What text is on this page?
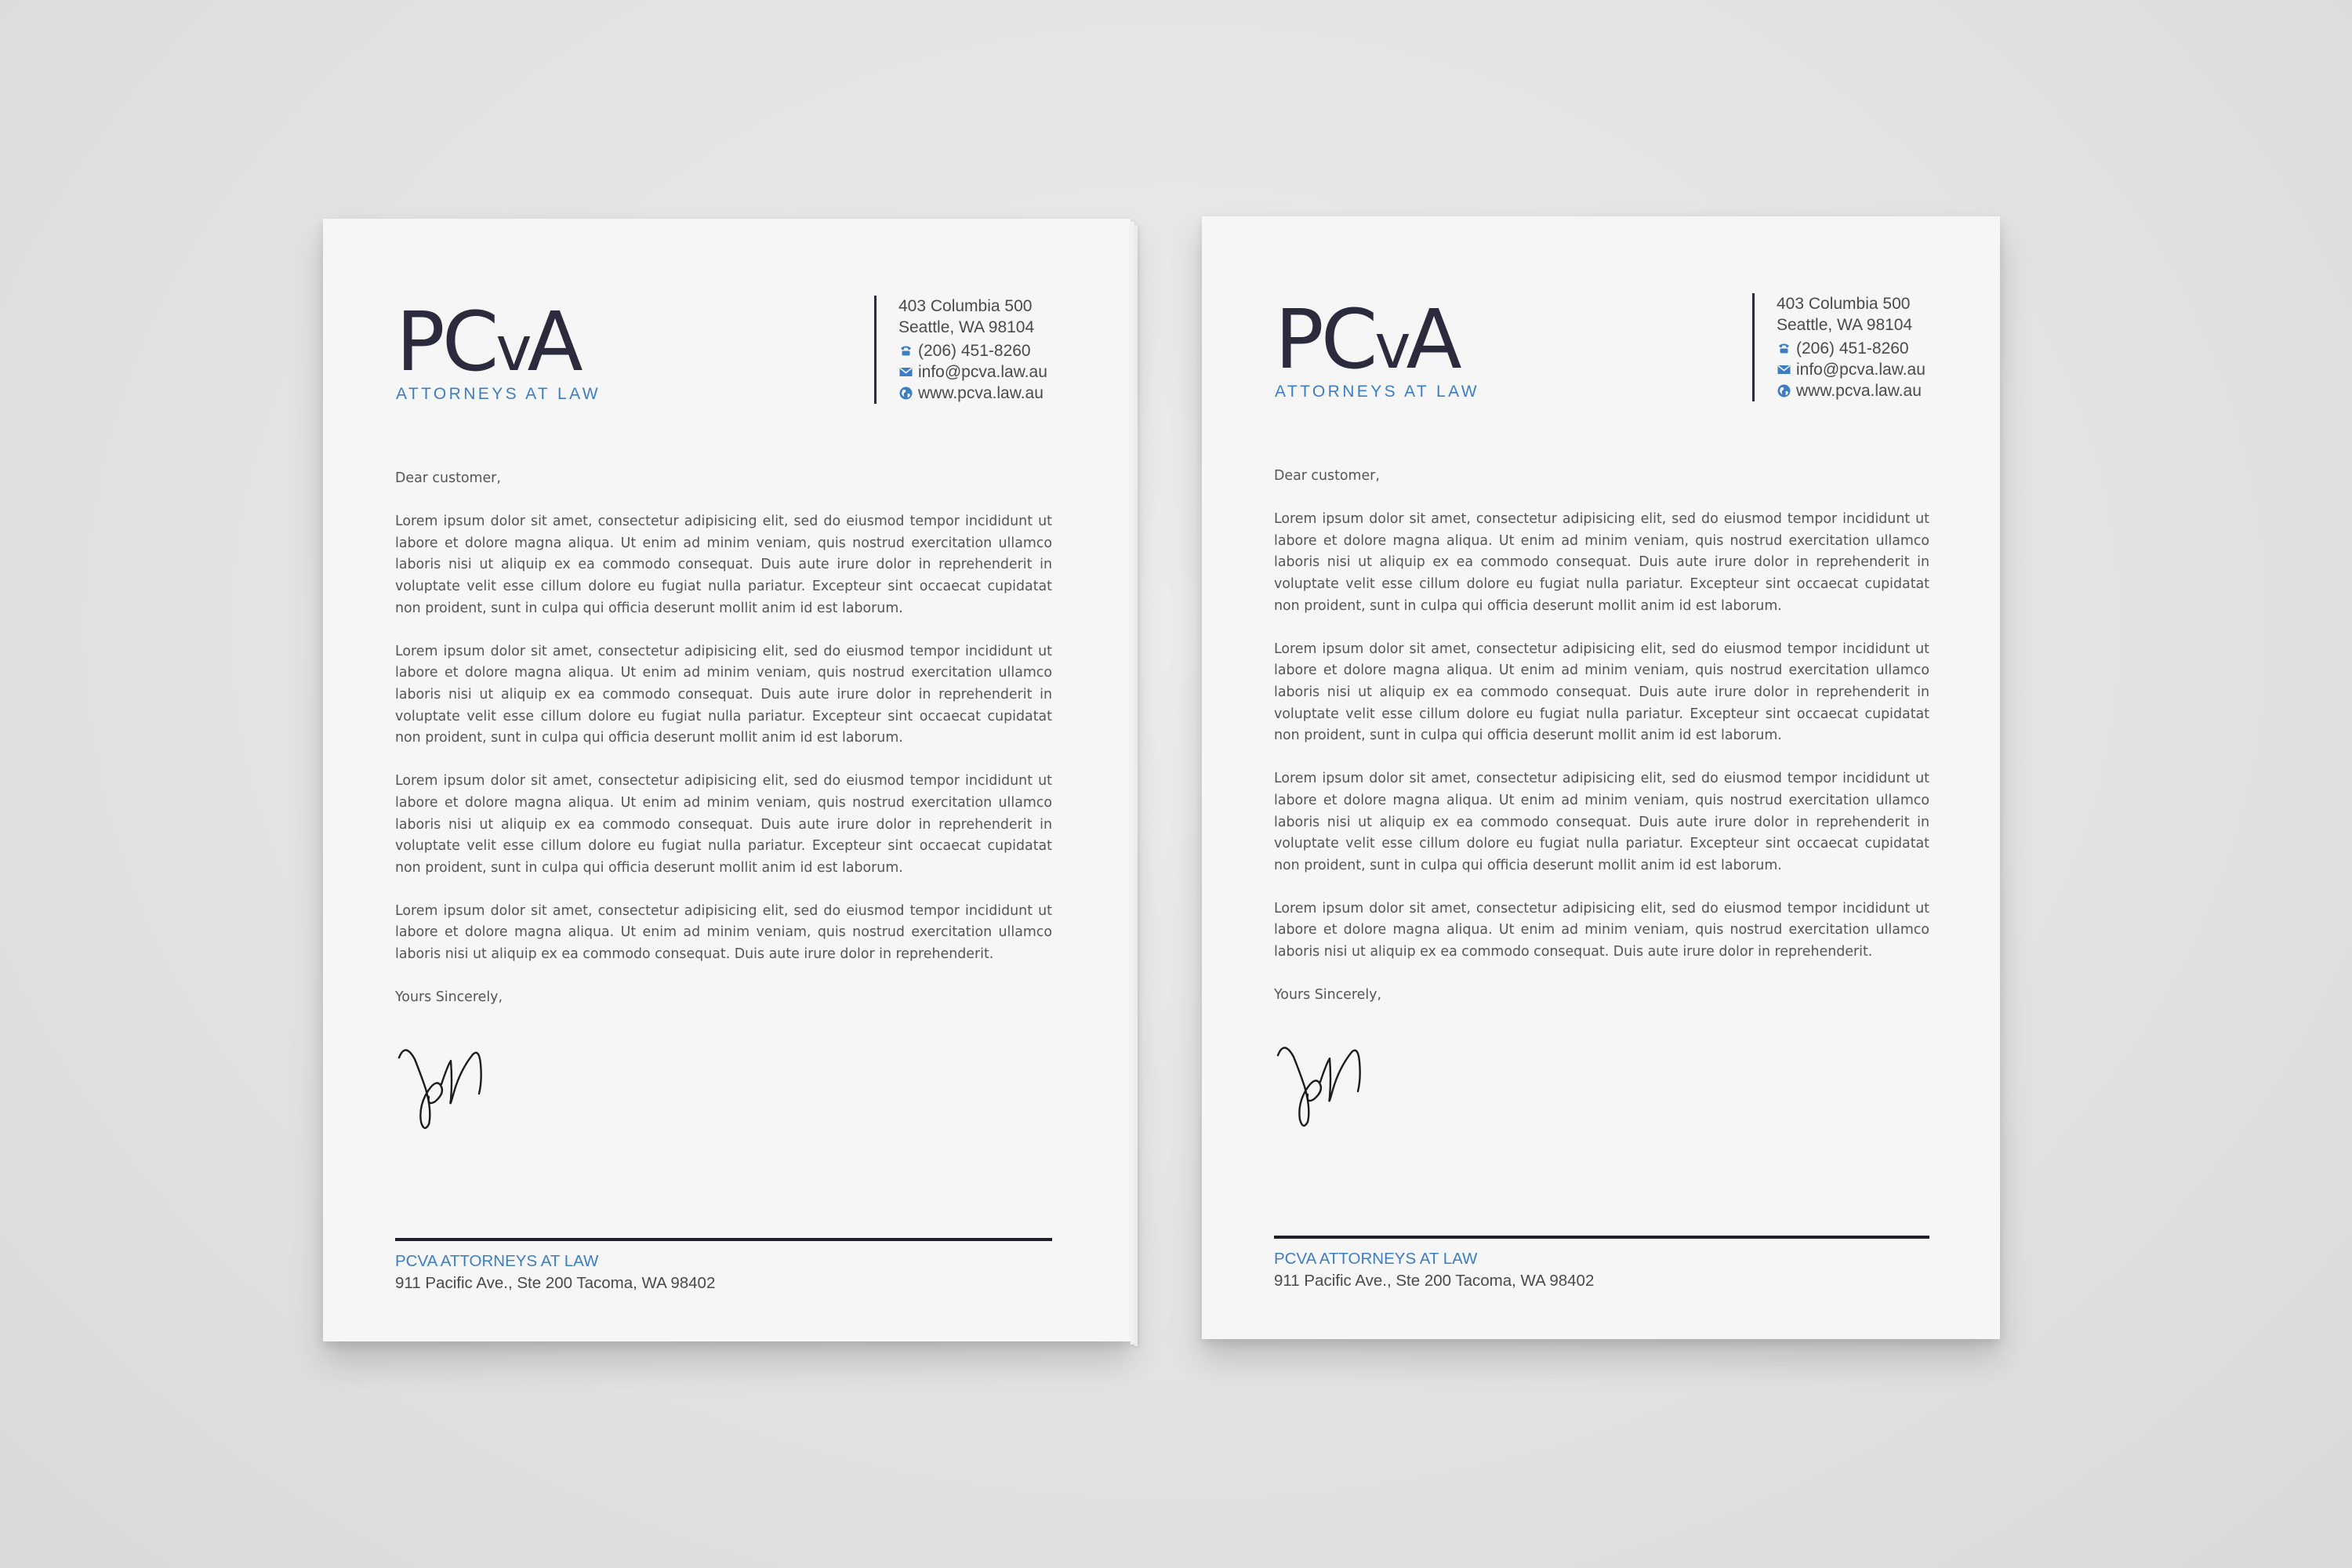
PCvA
ATTORNEYS AT LAW
403 Columbia 500
Seattle, WA 98104
(206) 451-8260
info@pcva.law.au
www.pcva.law.au

Dear customer,

Lorem ipsum dolor sit amet, consectetur adipisicing elit, sed do eiusmod tempor incididunt ut labore et dolore magna aliqua. Ut enim ad minim veniam, quis nostrud exercitation ullamco laboris nisi ut aliquip ex ea commodo consequat. Duis aute irure dolor in reprehenderit in voluptate velit esse cillum dolore eu fugiat nulla pariatur. Excepteur sint occaecat cupidatat non proident, sunt in culpa qui officia deserunt mollit anim id est laborum.

Lorem ipsum dolor sit amet, consectetur adipisicing elit, sed do eiusmod tempor incididunt ut labore et dolore magna aliqua. Ut enim ad minim veniam, quis nostrud exercitation ullamco laboris nisi ut aliquip ex ea commodo consequat. Duis aute irure dolor in reprehenderit in voluptate velit esse cillum dolore eu fugiat nulla pariatur. Excepteur sint occaecat cupidatat non proident, sunt in culpa qui officia deserunt mollit anim id est laborum.

Lorem ipsum dolor sit amet, consectetur adipisicing elit, sed do eiusmod tempor incididunt ut labore et dolore magna aliqua. Ut enim ad minim veniam, quis nostrud exercitation ullamco laboris nisi ut aliquip ex ea commodo consequat. Duis aute irure dolor in reprehenderit in voluptate velit esse cillum dolore eu fugiat nulla pariatur. Excepteur sint occaecat cupidatat non proident, sunt in culpa qui officia deserunt mollit anim id est laborum.

Lorem ipsum dolor sit amet, consectetur adipisicing elit, sed do eiusmod tempor incididunt ut labore et dolore magna aliqua. Ut enim ad minim veniam, quis nostrud exercitation ullamco laboris nisi ut aliquip ex ea commodo consequat. Duis aute irure dolor in reprehenderit.

Yours Sincerely,

PCVA ATTORNEYS AT LAW
911 Pacific Ave., Ste 200 Tacoma, WA 98402
PCvA
ATTORNEYS AT LAW
403 Columbia 500
Seattle, WA 98104
(206) 451-8260
info@pcva.law.au
www.pcva.law.au

Dear customer,

Lorem ipsum dolor sit amet, consectetur adipisicing elit, sed do eiusmod tempor incididunt ut labore et dolore magna aliqua. Ut enim ad minim veniam, quis nostrud exercitation ullamco laboris nisi ut aliquip ex ea commodo consequat. Duis aute irure dolor in reprehenderit in voluptate velit esse cillum dolore eu fugiat nulla pariatur. Excepteur sint occaecat cupidatat non proident, sunt in culpa qui officia deserunt mollit anim id est laborum.

Lorem ipsum dolor sit amet, consectetur adipisicing elit, sed do eiusmod tempor incididunt ut labore et dolore magna aliqua. Ut enim ad minim veniam, quis nostrud exercitation ullamco laboris nisi ut aliquip ex ea commodo consequat. Duis aute irure dolor in reprehenderit in voluptate velit esse cillum dolore eu fugiat nulla pariatur. Excepteur sint occaecat cupidatat non proident, sunt in culpa qui officia deserunt mollit anim id est laborum.

Lorem ipsum dolor sit amet, consectetur adipisicing elit, sed do eiusmod tempor incididunt ut labore et dolore magna aliqua. Ut enim ad minim veniam, quis nostrud exercitation ullamco laboris nisi ut aliquip ex ea commodo consequat. Duis aute irure dolor in reprehenderit in voluptate velit esse cillum dolore eu fugiat nulla pariatur. Excepteur sint occaecat cupidatat non proident, sunt in culpa qui officia deserunt mollit anim id est laborum.

Lorem ipsum dolor sit amet, consectetur adipisicing elit, sed do eiusmod tempor incididunt ut labore et dolore magna aliqua. Ut enim ad minim veniam, quis nostrud exercitation ullamco laboris nisi ut aliquip ex ea commodo consequat. Duis aute irure dolor in reprehenderit.

Yours Sincerely,

PCVA ATTORNEYS AT LAW
911 Pacific Ave., Ste 200 Tacoma, WA 98402
